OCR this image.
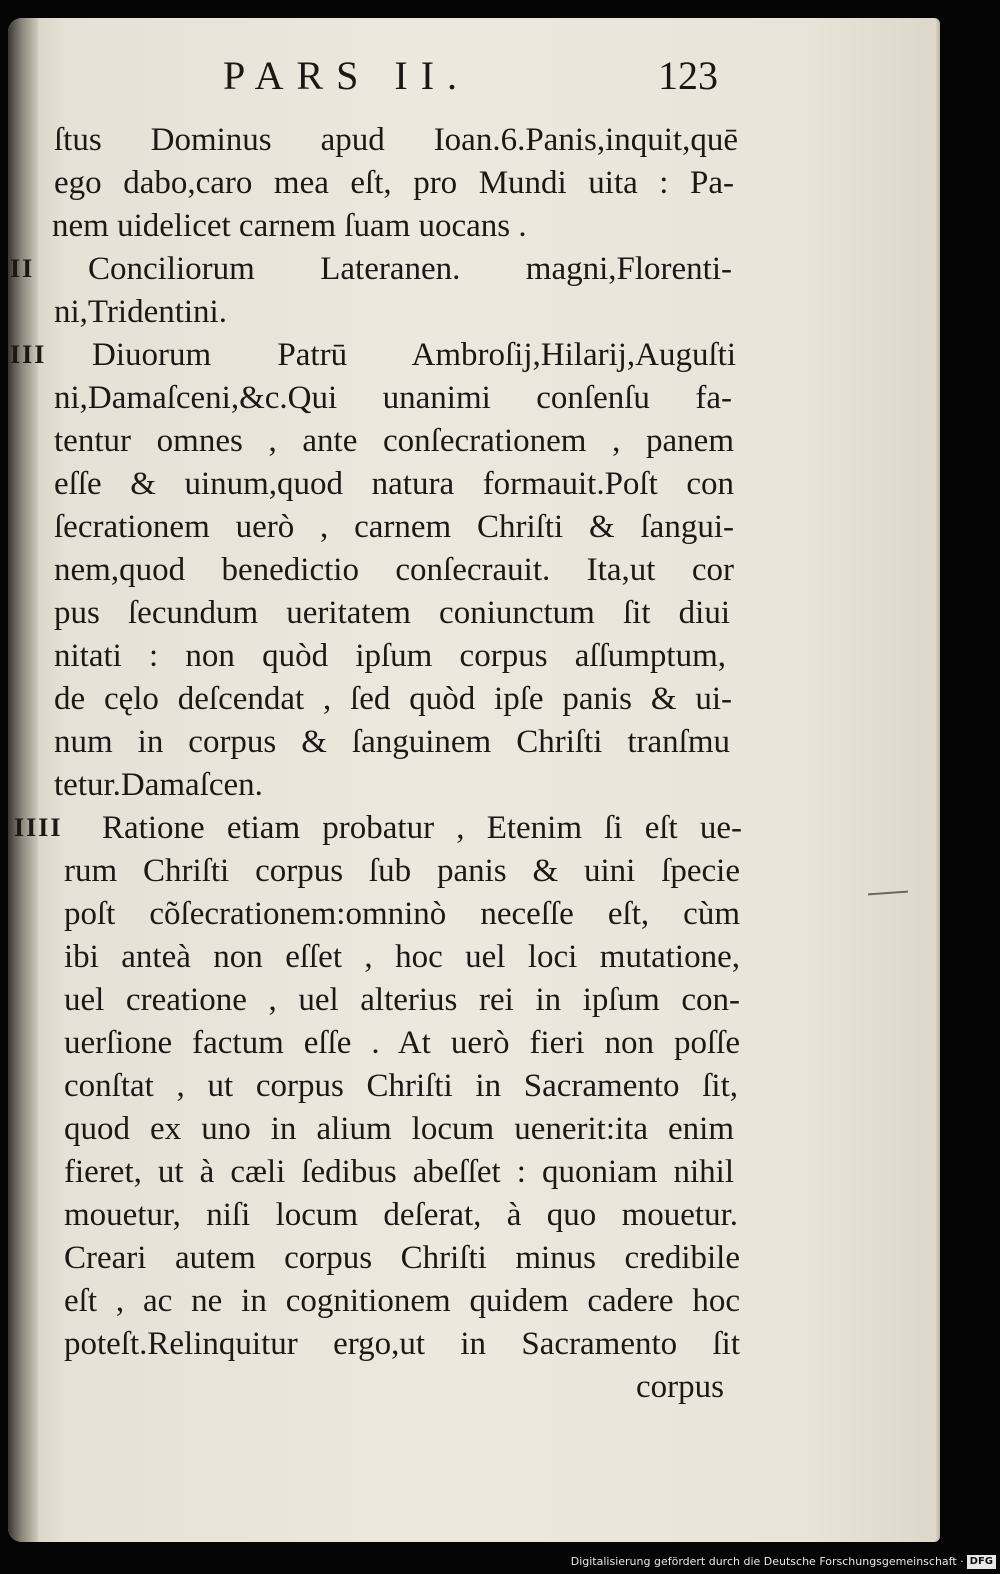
PARS II.	123
ſtus Dominus apud Ioan.6.Panis,inquit,quē
ego dabo,caro mea eſt, pro Mundi uita : Pa-
nem uidelicet carnem ſuam uocans .
II Conciliorum Lateranen. magni,Florenti-
ni,Tridentini.
III Diuorum Patrū Ambroſij,Hilarij,Auguſti
ni,Damaſceni,&c.Qui unanimi conſenſu fa-
tentur omnes , ante conſecrationem , panem
eſſe & uinum,quod natura formauit.Poſt con
ſecrationem uerò , carnem Chriſti & ſangui-
nem,quod benedictio conſecrauit. Ita,ut cor
pus ſecundum ueritatem coniunctum ſit diui
nitati : non quòd ipſum corpus aſſumptum,
de cęlo deſcendat , ſed quòd ipſe panis & ui-
num in corpus & ſanguinem Chriſti tranſmu
tetur.Damaſcen.
IIII Ratione etiam probatur , Etenim ſi eſt ue-
rum Chriſti corpus ſub panis & uini ſpecie
poſt cõſecrationem:omninò neceſſe eſt, cùm
ibi anteà non eſſet , hoc uel loci mutatione,
uel creatione , uel alterius rei in ipſum con-
uerſione factum eſſe . At uerò fieri non poſſe
conſtat , ut corpus Chriſti in Sacramento ſit,
quod ex uno in alium locum uenerit:ita enim
fieret, ut à cæli ſedibus abeſſet : quoniam nihil
mouetur, niſi locum deſerat, à quo mouetur.
Creari autem corpus Chriſti minus credibile
eſt , ac ne in cognitionem quidem cadere hoc
poteſt.Relinquitur ergo,ut in Sacramento ſit
corpus
Digitalisierung gefördert durch die Deutsche Forschungsgemeinschaft · DFG
